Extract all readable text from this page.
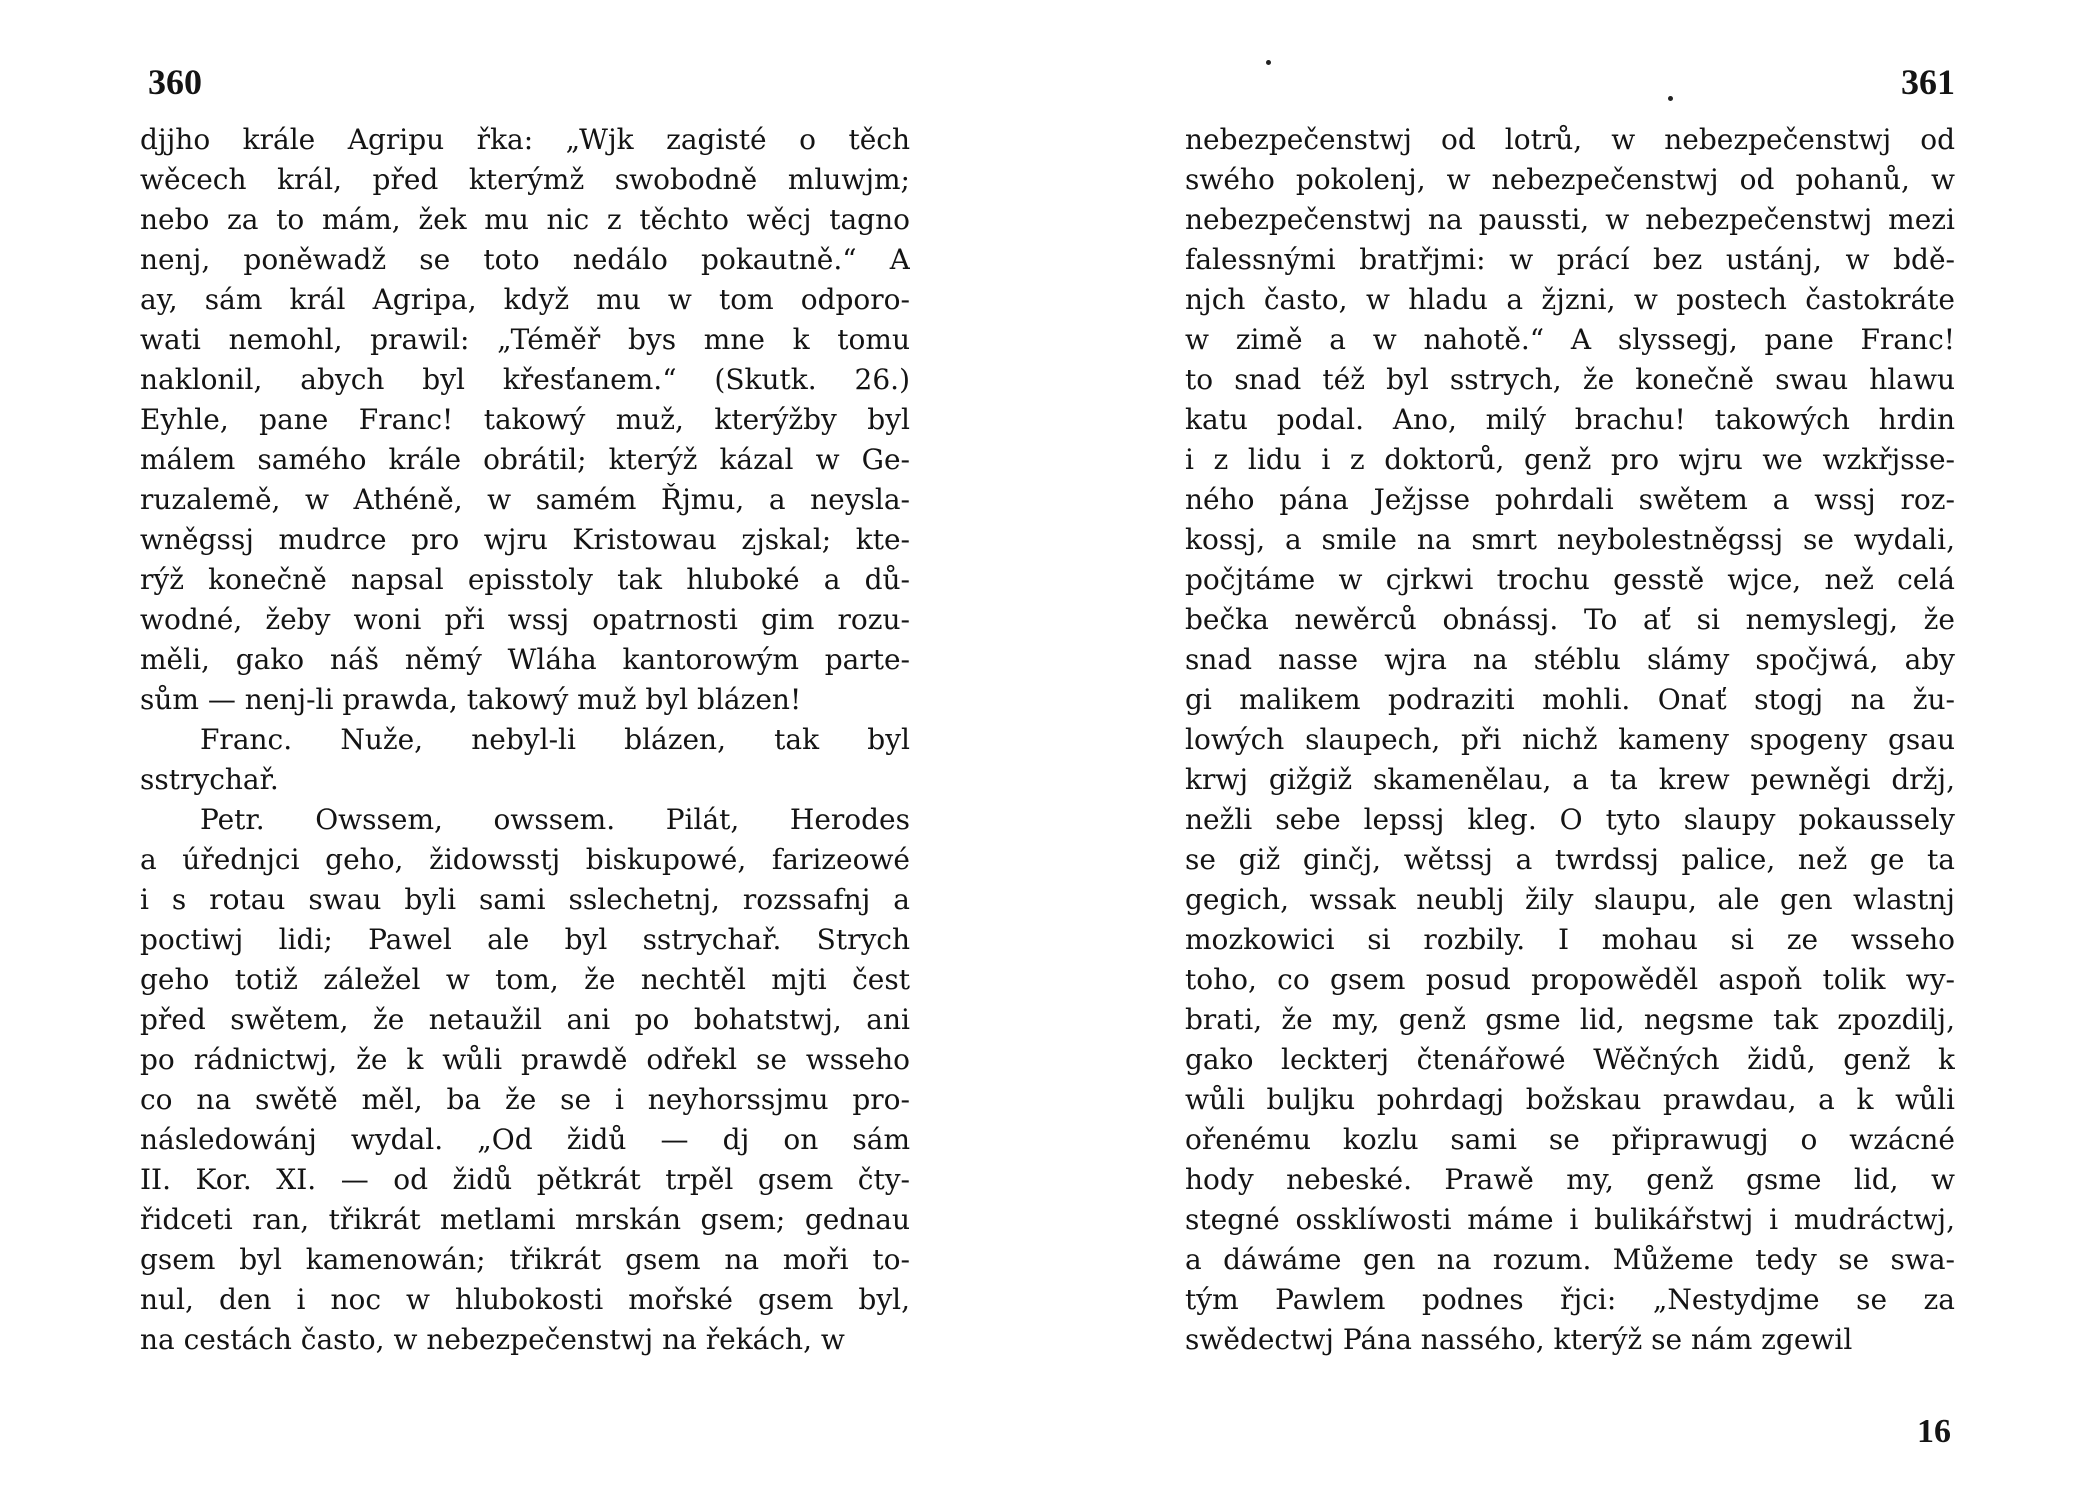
360
djjho krále Agripu řka: „Wjk zagisté o těch
wěcech král, před kterýmž swobodně mluwjm;
nebo za to mám, žek mu nic z těchto wěcj tagno
nenj, poněwadž se toto nedálo pokautně.“ A
ay, sám král Agripa, když mu w tom odporo-
wati nemohl, prawil: „Téměř bys mne k tomu
naklonil, abych byl křesťanem.“ (Skutk. 26.)
Eyhle, pane Franc! takowý muž, kterýžby byl
málem samého krále obrátil; kterýž kázal w Ge-
ruzalemě, w Athéně, w samém Řjmu, a neysla-
wněgssj mudrce pro wjru Kristowau zjskal; kte-
rýž konečně napsal episstoly tak hluboké a dů-
wodné, žeby woni při wssj opatrnosti gim rozu-
měli, gako náš němý Wláha kantorowým parte-
sům — nenj-li prawda, takowý muž byl blázen!
Franc. Nuže, nebyl-li blázen, tak byl
sstrychař.
Petr. Owssem, owssem. Pilát, Herodes
a úřednjci geho, židowsstj biskupowé, farizeowé
i s rotau swau byli sami sslechetnj, rozssafnj a
poctiwj lidi; Pawel ale byl sstrychař. Strych
geho totiž záležel w tom, že nechtěl mjti čest
před swětem, že netaužil ani po bohatstwj, ani
po rádnictwj, že k wůli prawdě odřekl se wsseho
co na swětě měl, ba že se i neyhorssjmu pro-
následowánj wydal. „Od židů — dj on sám
II. Kor. XI. — od židů pětkrát trpěl gsem čty-
řidceti ran, třikrát metlami mrskán gsem; gednau
gsem byl kamenowán; třikrát gsem na moři to-
nul, den i noc w hlubokosti mořské gsem byl,
na cestách často, w nebezpečenstwj na řekách, w
361
nebezpečenstwj od lotrů, w nebezpečenstwj od
swého pokolenj, w nebezpečenstwj od pohanů, w
nebezpečenstwj na paussti, w nebezpečenstwj mezi
falessnými bratřjmi: w prácí bez ustánj, w bdě-
njch často, w hladu a žjzni, w postech častokráte
w zimě a w nahotě.“ A slyssegj, pane Franc!
to snad též byl sstrych, že konečně swau hlawu
katu podal. Ano, milý brachu! takowých hrdin
i z lidu i z doktorů, genž pro wjru we wzkřjsse-
ného pána Ježjsse pohrdali swětem a wssj roz-
kossj, a smile na smrt neybolestněgssj se wydali,
počjtáme w cjrkwi trochu gesstě wjce, než celá
bečka newěrců obnássj. To ať si nemyslegj, že
snad nasse wjra na stéblu slámy spočjwá, aby
gi malikem podraziti mohli. Onať stogj na žu-
lowých slaupech, při nichž kameny spogeny gsau
krwj gižgiž skamenělau, a ta krew pewněgi držj,
nežli sebe lepssj kleg. O tyto slaupy pokaussely
se giž ginčj, wětssj a twrdssj palice, než ge ta
gegich, wssak neublj žily slaupu, ale gen wlastnj
mozkowici si rozbily. I mohau si ze wsseho
toho, co gsem posud propowěděl aspoň tolik wy-
brati, že my, genž gsme lid, negsme tak zpozdilj,
gako leckterj čtenářowé Wěčných židů, genž k
wůli buljku pohrdagj božskau prawdau, a k wůli
ořenému kozlu sami se připrawugj o wzácné
hody nebeské. Prawě my, genž gsme lid, w
stegné ossklíwosti máme i bulikářstwj i mudráctwj,
a dáwáme gen na rozum. Můžeme tedy se swa-
tým Pawlem podnes řjci: „Nestydjme se za
swědectwj Pána nassého, kterýž se nám zgewil
16
